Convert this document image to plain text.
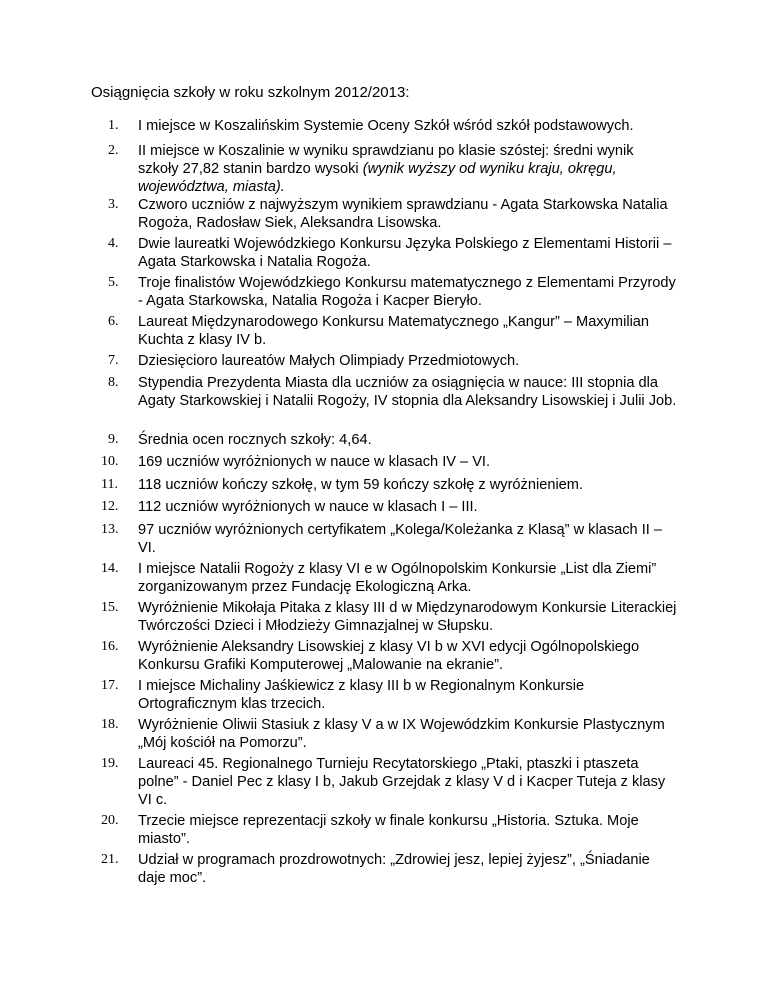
Osiągnięcia szkoły w roku szkolnym 2012/2013:
1. I miejsce w Koszalińskim Systemie Oceny Szkół wśród szkół podstawowych.
2. II miejsce w Koszalinie w wyniku sprawdzianu po klasie szóstej: średni wynik szkoły 27,82 stanin bardzo wysoki (wynik wyższy od wyniku kraju, okręgu, województwa, miasta).
3. Czworo uczniów z najwyższym wynikiem sprawdzianu - Agata Starkowska Natalia Rogoża, Radosław Siek, Aleksandra Lisowska.
4. Dwie laureatki Wojewódzkiego Konkursu Języka Polskiego z Elementami Historii – Agata Starkowska i Natalia Rogoża.
5. Troje finalistów Wojewódzkiego Konkursu matematycznego z Elementami Przyrody - Agata Starkowska, Natalia Rogoża i Kacper Bieryło.
6. Laureat Międzynarodowego Konkursu Matematycznego „Kangur” – Maxymilian Kuchta z klasy IV b.
7. Dziesięcioro laureatów Małych Olimpiady Przedmiotowych.
8. Stypendia Prezydenta Miasta dla uczniów za osiągnięcia w nauce: III stopnia dla Agaty Starkowskiej i Natalii Rogoży, IV stopnia dla Aleksandry Lisowskiej i Julii Job.
9. Średnia ocen rocznych szkoły: 4,64.
10. 169 uczniów wyróżnionych w nauce w klasach IV – VI.
11. 118 uczniów kończy szkołę, w tym 59 kończy szkołę z wyróżnieniem.
12. 112 uczniów wyróżnionych w nauce w klasach I – III.
13. 97 uczniów wyróżnionych certyfikatem „Kolega/Koleżanka z Klasą” w klasach II – VI.
14. I miejsce Natalii Rogoży z klasy VI e w Ogólnopolskim Konkursie „List dla Ziemi” zorganizowanym przez Fundację Ekologiczną Arka.
15. Wyróżnienie Mikołaja Pitaka z klasy III d w Międzynarodowym Konkursie Literackiej Twórczości Dzieci i Młodzieży Gimnazjalnej w Słupsku.
16. Wyróżnienie Aleksandry Lisowskiej z klasy VI b w XVI edycji Ogólnopolskiego Konkursu Grafiki Komputerowej „Malowanie na ekranie”.
17. I miejsce Michaliny Jaśkiewicz z klasy III b w Regionalnym Konkursie Ortograficznym klas trzecich.
18. Wyróżnienie Oliwii Stasiuk z klasy V a w IX Wojewódzkim Konkursie Plastycznym „Mój kościół na Pomorzu”.
19. Laureaci 45. Regionalnego Turnieju Recytatorskiego „Ptaki, ptaszki i ptaszeta polne” - Daniel Pec z klasy I b, Jakub Grzejdak z klasy V d i Kacper Tuteja z klasy VI c.
20. Trzecie miejsce reprezentacji szkoły w finale konkursu „Historia. Sztuka. Moje miasto”.
21. Udział w programach prozdrowotnych: „Zdrowiej jesz, lepiej żyjesz”, „Śniadanie daje moc”.
